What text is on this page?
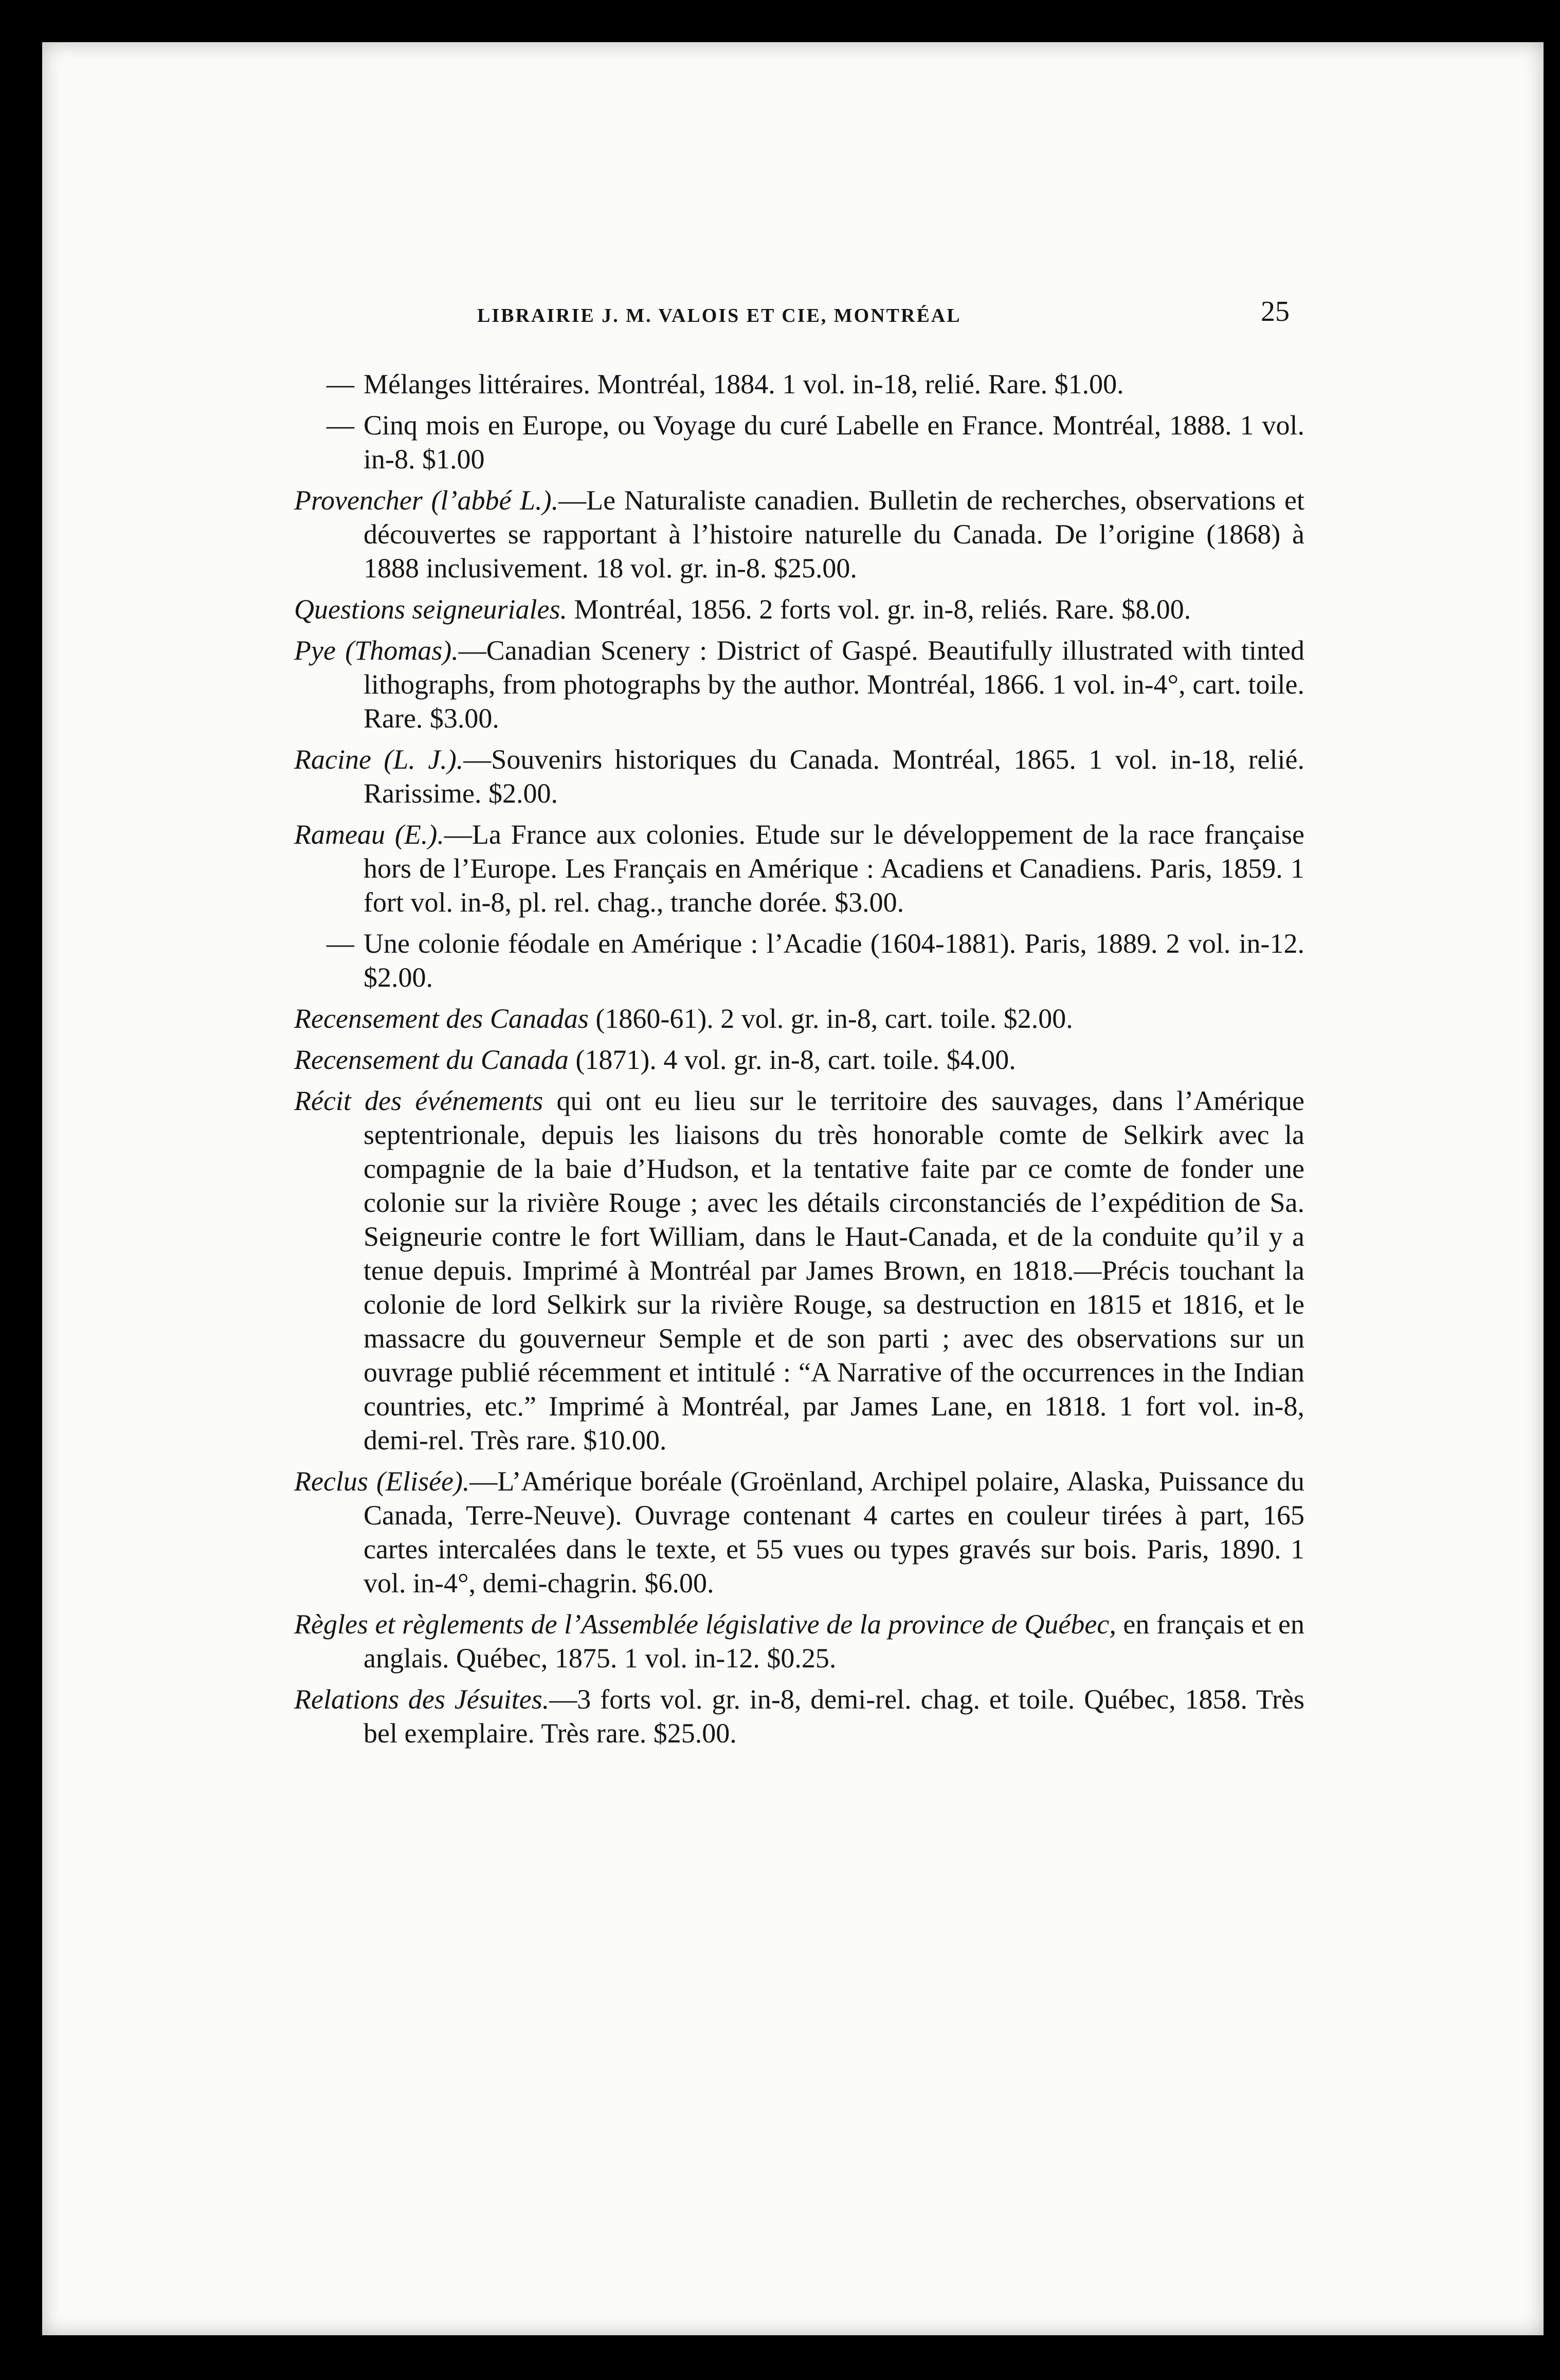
LIBRAIRIE J. M. VALOIS ET CIE, MONTRÉAL	25
— Mélanges littéraires. Montréal, 1884. 1 vol. in-18, relié. Rare. $1.00.
— Cinq mois en Europe, ou Voyage du curé Labelle en France. Montréal, 1888. 1 vol. in-8. $1.00
Provencher (l’abbé L.).—Le Naturaliste canadien. Bulletin de recherches, observations et découvertes se rapportant à l’histoire naturelle du Canada. De l’origine (1868) à 1888 inclusivement. 18 vol. gr. in-8. $25.00.
Questions seigneuriales. Montréal, 1856. 2 forts vol. gr. in-8, reliés. Rare. $8.00.
Pye (Thomas).—Canadian Scenery : District of Gaspé. Beautifully illustrated with tinted lithographs, from photographs by the author. Montréal, 1866. 1 vol. in-4°, cart. toile. Rare. $3.00.
Racine (L. J.).—Souvenirs historiques du Canada. Montréal, 1865. 1 vol. in-18, relié. Rarissime. $2.00.
Rameau (E.).—La France aux colonies. Etude sur le développement de la race française hors de l’Europe. Les Français en Amérique : Acadiens et Canadiens. Paris, 1859. 1 fort vol. in-8, pl. rel. chag., tranche dorée. $3.00.
— Une colonie féodale en Amérique : l’Acadie (1604-1881). Paris, 1889. 2 vol. in-12. $2.00.
Recensement des Canadas (1860-61). 2 vol. gr. in-8, cart. toile. $2.00.
Recensement du Canada (1871). 4 vol. gr. in-8, cart. toile. $4.00.
Récit des événements qui ont eu lieu sur le territoire des sauvages, dans l’Amérique septentrionale, depuis les liaisons du très honorable comte de Selkirk avec la compagnie de la baie d’Hudson, et la tentative faite par ce comte de fonder une colonie sur la rivière Rouge ; avec les détails circonstanciés de l’expédition de Sa. Seigneurie contre le fort William, dans le Haut-Canada, et de la conduite qu’il y a tenue depuis. Imprimé à Montréal par James Brown, en 1818.—Précis touchant la colonie de lord Selkirk sur la rivière Rouge, sa destruction en 1815 et 1816, et le massacre du gouverneur Semple et de son parti ; avec des observations sur un ouvrage publié récemment et intitulé : “A Narrative of the occurrences in the Indian countries, etc.” Imprimé à Montréal, par James Lane, en 1818. 1 fort vol. in-8, demi-rel. Très rare. $10.00.
Reclus (Elisée).—L’Amérique boréale (Groënland, Archipel polaire, Alaska, Puissance du Canada, Terre-Neuve). Ouvrage contenant 4 cartes en couleur tirées à part, 165 cartes intercalées dans le texte, et 55 vues ou types gravés sur bois. Paris, 1890. 1 vol. in-4°, demi-chagrin. $6.00.
Règles et règlements de l’Assemblée législative de la province de Québec, en français et en anglais. Québec, 1875. 1 vol. in-12. $0.25.
Relations des Jésuites.—3 forts vol. gr. in-8, demi-rel. chag. et toile. Québec, 1858. Très bel exemplaire. Très rare. $25.00.
